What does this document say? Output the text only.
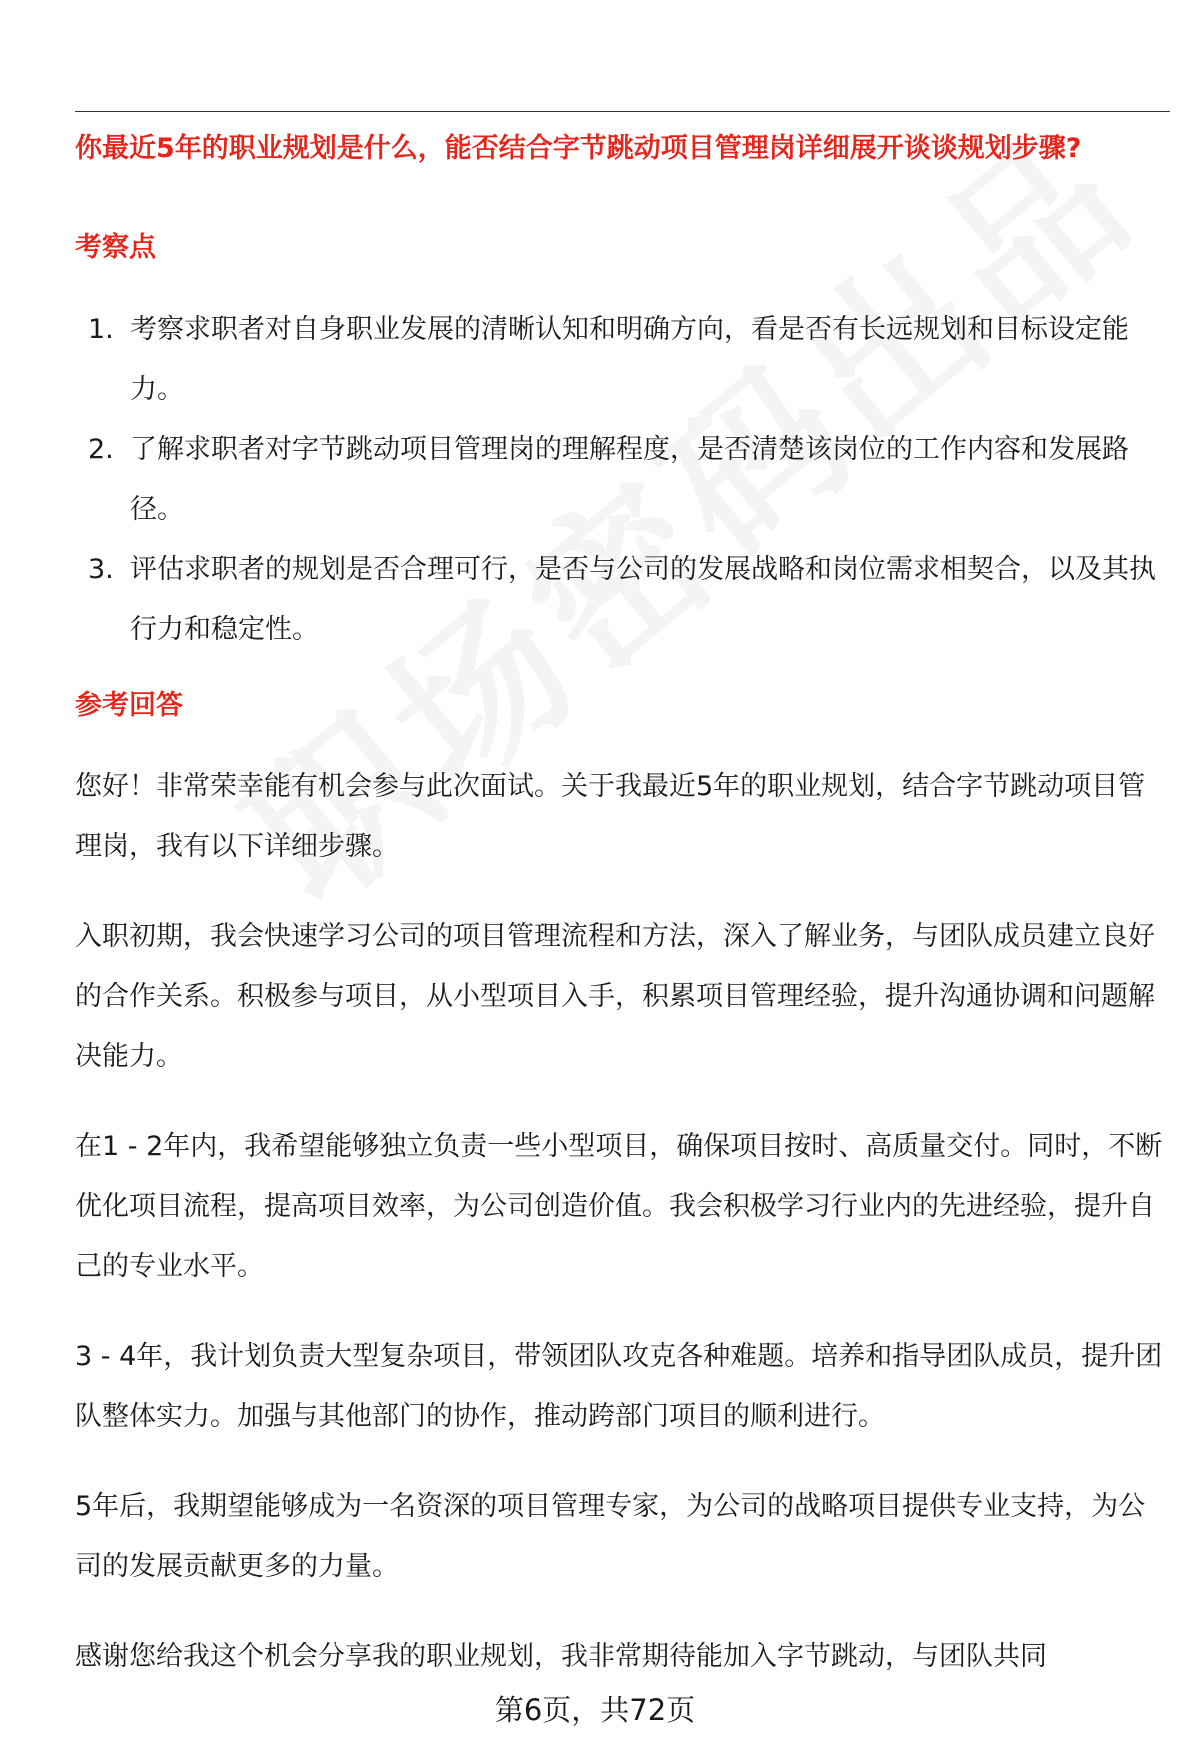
你最近5年的职业规划是什么，能否结合字节跳动项目管理岗详细展开谈谈规划步骤?
考察点
1. 考察求职者对自身职业发展的清晰认知和明确方向，看是否有长远规划和目标设定能力。
2. 了解求职者对字节跳动项目管理岗的理解程度，是否清楚该岗位的工作内容和发展路径。
3. 评估求职者的规划是否合理可行，是否与公司的发展战略和岗位需求相契合，以及其执行力和稳定性。
参考回答

您好！非常荣幸能有机会参与此次面试。关于我最近5年的职业规划，结合字节跳动项目管理岗，我有以下详细步骤。

入职初期，我会快速学习公司的项目管理流程和方法，深入了解业务，与团队成员建立良好的合作关系。积极参与项目，从小型项目入手，积累项目管理经验，提升沟通协调和问题解决能力。

在1 - 2年内，我希望能够独立负责一些小型项目，确保项目按时、高质量交付。同时，不断优化项目流程，提高项目效率，为公司创造价值。我会积极学习行业内的先进经验，提升自己的专业水平。

3 - 4年，我计划负责大型复杂项目，带领团队攻克各种难题。培养和指导团队成员，提升团队整体实力。加强与其他部门的协作，推动跨部门项目的顺利进行。

5年后，我期望能够成为一名资深的项目管理专家，为公司的战略项目提供专业支持，为公司的发展贡献更多的力量。

感谢您给我这个机会分享我的职业规划，我非常期待能加入字节跳动，与团队共同

第6页，共72页
